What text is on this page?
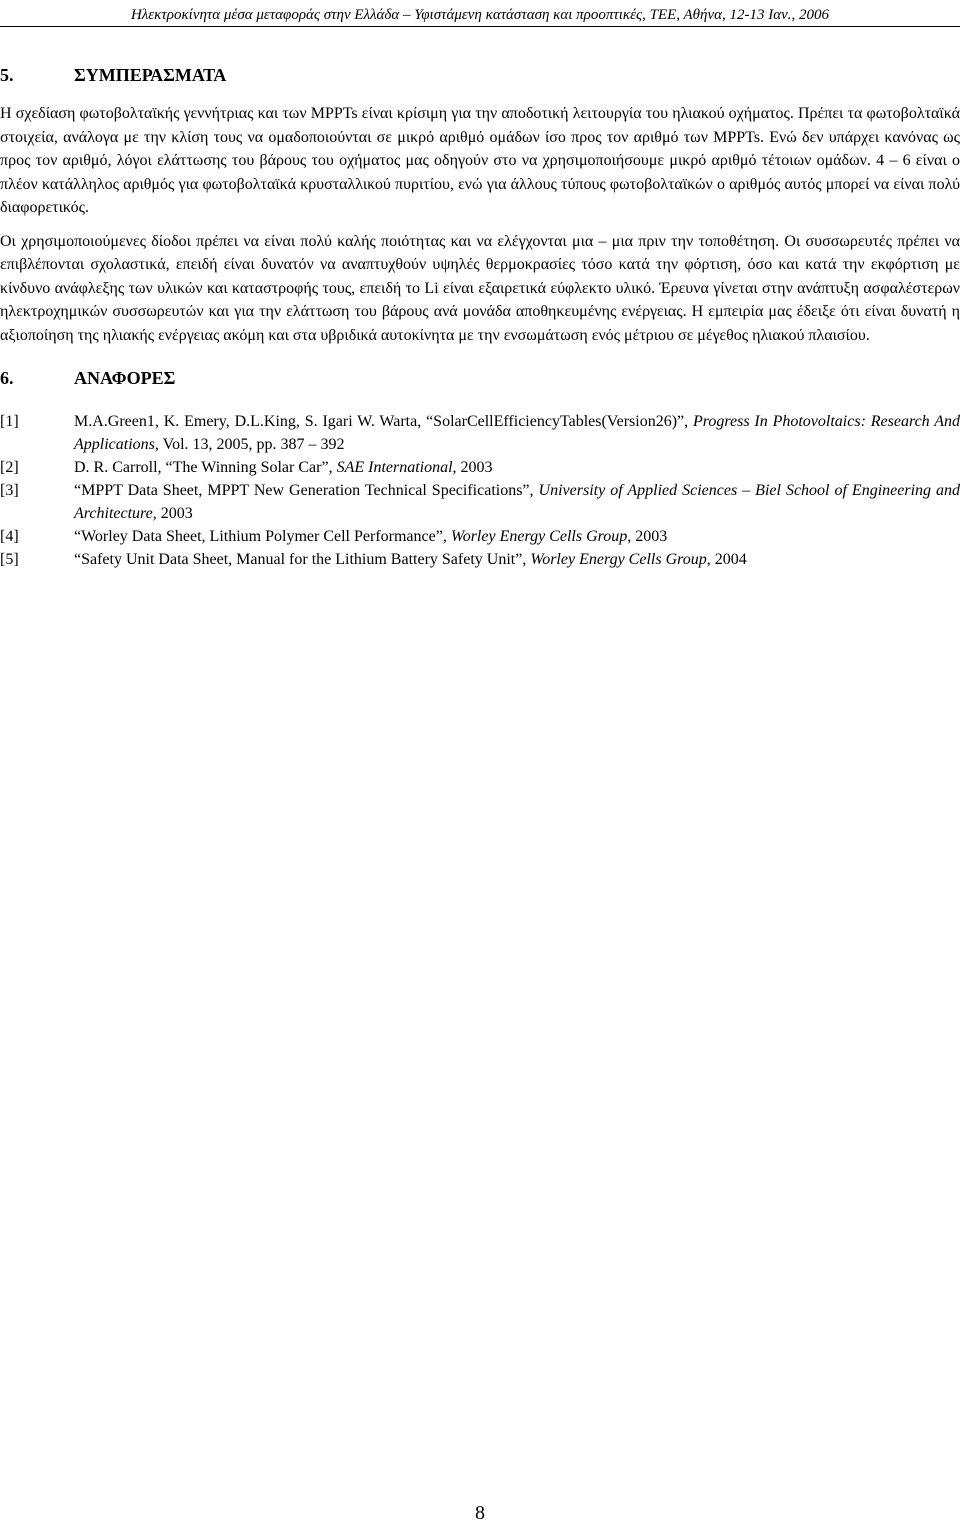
Ηλεκτροκίνητα μέσα μεταφοράς στην Ελλάδα – Υφιστάμενη κατάσταση και προοπτικές, ΤΕΕ, Αθήνα, 12-13 Ιαν., 2006
5.	ΣΥΜΠΕΡΑΣΜΑΤΑ

Η σχεδίαση φωτοβολταϊκής γεννήτριας και των MPPTs είναι κρίσιμη για την αποδοτική λειτουργία του ηλιακού οχήματος. Πρέπει τα φωτοβολταϊκά στοιχεία, ανάλογα με την κλίση τους να ομαδοποιούνται σε μικρό αριθμό ομάδων ίσο προς τον αριθμό των MPPTs. Ενώ δεν υπάρχει κανόνας ως προς τον αριθμό, λόγοι ελάττωσης του βάρους του οχήματος μας οδηγούν στο να χρησιμοποιήσουμε μικρό αριθμό τέτοιων ομάδων. 4 – 6 είναι ο πλέον κατάλληλος αριθμός για φωτοβολταϊκά κρυσταλλικού πυριτίου, ενώ για άλλους τύπους φωτοβολταϊκών ο αριθμός αυτός μπορεί να είναι πολύ διαφορετικός.

Οι χρησιμοποιούμενες δίοδοι πρέπει να είναι πολύ καλής ποιότητας και να ελέγχονται μια – μια πριν την τοποθέτηση. Οι συσσωρευτές πρέπει να επιβλέπονται σχολαστικά, επειδή είναι δυνατόν να αναπτυχθούν υψηλές θερμοκρασίες τόσο κατά την φόρτιση, όσο και κατά την εκφόρτιση με κίνδυνο ανάφλεξης των υλικών και καταστροφής τους, επειδή το Li είναι εξαιρετικά εύφλεκτο υλικό. Έρευνα γίνεται στην ανάπτυξη ασφαλέστερων ηλεκτροχημικών συσσωρευτών και για την ελάττωση του βάρους ανά μονάδα αποθηκευμένης ενέργειας. Η εμπειρία μας έδειξε ότι είναι δυνατή η αξιοποίηση της ηλιακής ενέργειας ακόμη και στα υβριδικά αυτοκίνητα με την ενσωμάτωση ενός μέτριου σε μέγεθος ηλιακού πλαισίου.

6.	ΑΝΑΦΟΡΕΣ
[1]	M.A.Green1, K. Emery, D.L.King, S. Igari W. Warta, “SolarCellEfficiencyTables(Version26)”, Progress In Photovoltaics: Research And Applications, Vol. 13, 2005, pp. 387 – 392
[2]	D. R. Carroll, “The Winning Solar Car”, SAE International, 2003
[3]	“MPPT Data Sheet, MPPT New Generation Technical Specifications”, University of Applied Sciences – Biel School of Engineering and Architecture, 2003
[4]	“Worley Data Sheet, Lithium Polymer Cell Performance”, Worley Energy Cells Group, 2003
[5]	“Safety Unit Data Sheet, Manual for the Lithium Battery Safety Unit”, Worley Energy Cells Group, 2004
8
